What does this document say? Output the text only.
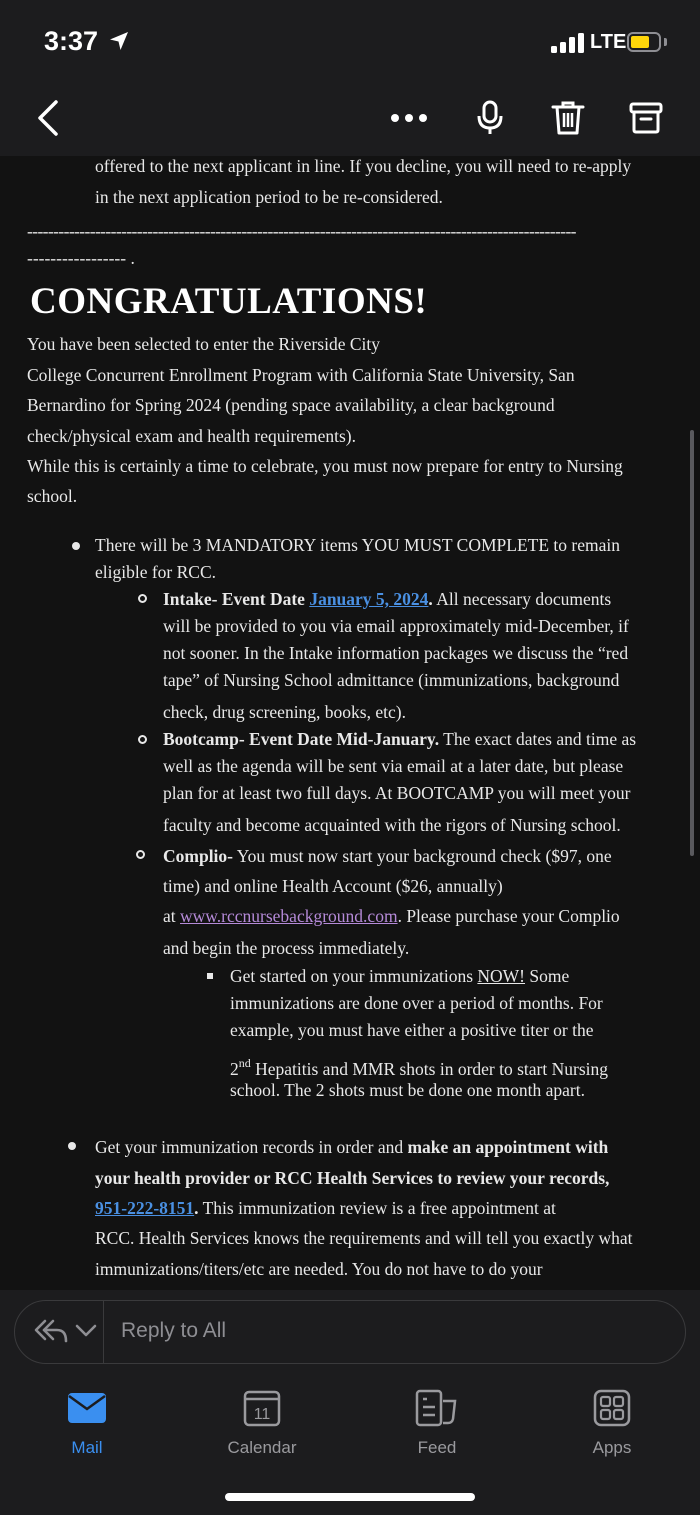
3:37	LTE
offered to the next applicant in line. If you decline, you will need to re-apply
in the next application period to be re-considered.
---------------------------------------------------------------------------------------------------------
----------------- .
CONGRATULATIONS!
You have been selected to enter the Riverside City
College Concurrent Enrollment Program with California State University, San
Bernardino for Spring 2024 (pending space availability, a clear background
check/physical exam and health requirements).
While this is certainly a time to celebrate, you must now prepare for entry to Nursing
school.
There will be 3 MANDATORY items YOU MUST COMPLETE to remain
eligible for RCC.
Intake- Event Date January 5, 2024. All necessary documents
will be provided to you via email approximately mid-December, if
not sooner. In the Intake information packages we discuss the “red
tape” of Nursing School admittance (immunizations, background
check, drug screening, books, etc).
Bootcamp- Event Date Mid-January. The exact dates and time as
well as the agenda will be sent via email at a later date, but please
plan for at least two full days. At BOOTCAMP you will meet your
faculty and become acquainted with the rigors of Nursing school.
Complio- You must now start your background check ($97, one
time) and online Health Account ($26, annually)
at www.rccnursebackground.com. Please purchase your Complio
and begin the process immediately.
Get started on your immunizations NOW! Some
immunizations are done over a period of months. For
example, you must have either a positive titer or the
2nd Hepatitis and MMR shots in order to start Nursing
school. The 2 shots must be done one month apart.
Get your immunization records in order and make an appointment with
your health provider or RCC Health Services to review your records,
951-222-8151. This immunization review is a free appointment at
RCC. Health Services knows the requirements and will tell you exactly what
immunizations/titers/etc are needed. You do not have to do your
Reply to All
Mail
11
Calendar	Feed	Apps
